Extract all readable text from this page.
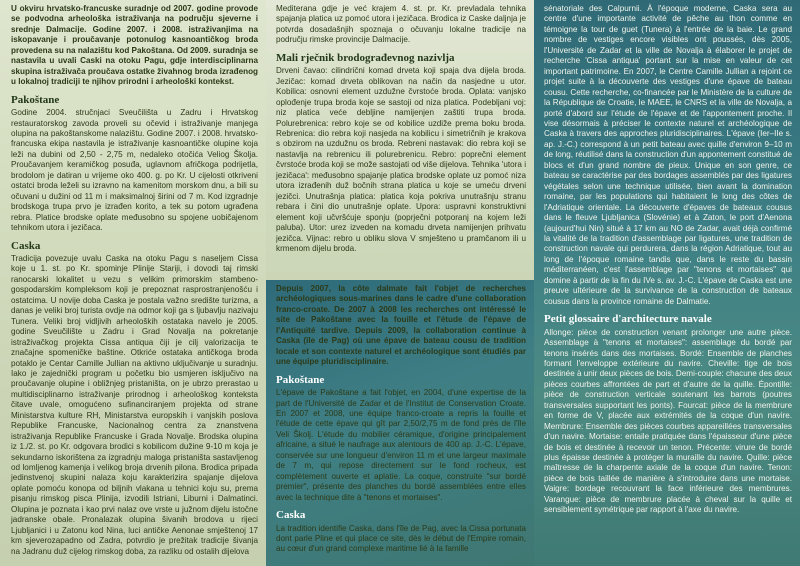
U okviru hrvatsko-francuske suradnje od 2007. godine provode se podvodna arheološka istraživanja na području sjeverne i srednje Dalmacije. Godine 2007. i 2008. istraživanjima na iskopavanje i proučavanje potonulog kasnoantičkog broda provedena su na nalazištu kod Pakoštana. Od 2009. suradnja se nastavila u uvali Caski na otoku Pagu, gdje interdisciplinarna skupina istraživača proučava ostatke živahnog broda izrađenog u lokalnoj tradiciji te njihov prirodni i arheološki kontekst.

Pakoštane

Godine 2004. stručnjaci Sveučilišta u Zadru i Hrvatskog restauratorskog zavoda proveli su očevid i istraživanje manjega olupina na pakoštanskome nalazištu. Godine 2007. i 2008. hrvatsko-francuska ekipa nastavila je istraživanje kasnoantičke olupine koja leži na dubini od 2,50 - 2,75 m, nedaleko otočića Veliog Školja. Proučavanjem keramičkog posuđa, uglavnom afričkoga podrijetla, brodolom je datiran u vrijeme oko 400. g. po Kr. U cijelosti otkriveni ostatci broda leželi su izravno na kamenitom morskom dnu, a bili su očuvani u dužini od 11 m i maksimalnoj širini od 7 m. Kod izgradnje brodskoga trupa prvo je izrađen korito, a tek su potom ugrađena rebra. Platice brodske oplate međusobno su spojene uobičajenom tehnikom utora i jezičaca.

Caska

Tradicija povezuje uvalu Caska na otoku Pagu s naseljem Cissa koje u 1. st. po Kr. spominje Plinije Stariji, i dovodi taj rimski ranocarski lokalitet u vezu s velikim primorskim stambeno-gospodarskim kompleksom koji je prepoznat rasprostranjenošću i ostatcima. U novije doba Caska je postala važno središte turizma, a danas je veliki broj turista ovdje na odmor koji ga s ljubavlju nazivaju Tunera. Veliki broj vidljivih arheoloških ostataka navelo je 2005. godine Sveučilište u Zadru i Grad Novalja na pokretanje istraživačkog projekta Cissa antiqua čiji je cilj valorizacija te značajne spomeničke baštine. Otkriće ostataka antičkoga broda potaklo je Centar Camille Jullian na aktivno uključivanje u suradnju. Iako je zajednički program u početku bio usmjeren isključivo na proučavanje olupine i obližnjeg pristaništa, on je ubrzo prerastao u multidisciplinarno istraživanje prirodnog i arheološkog konteksta čitave uvale, omogućeno sufinanciranjem projekta od strane Ministarstva kulture RH, Ministarstva europskih i vanjskih poslova Republike Francuske, Nacionalnog centra za znanstvena istraživanja Republike Francuske i Grada Novalje. Brodska olupina iz 1./2. st. po Kr. odgovara brodici s kobilicom dužine 9-10 m koja je sekundarno iskorištena za izgradnju maloga pristaništa sastavljenog od lomljenog kamenja i velikog broja drvenih pilona. Brodica pripada jedinstvenoj skupini nalaza koju karakterizira spajanje dijelova oplate pomoću konopa od biljnih vlakana u tehnici koju su, prema pisanju rimskog pisca Plinija, izvodili Istriani, Liburni i Dalmatinci. Olupina je poznata i kao prvi nalaz ove vrste u južnom dijelu istočne jadranske obale. Pronalazak olupina šivanih brodova u rijeci Ljubljanici i u Zatonu kod Nina, luci antičke Aenonae smještenoj 17 km sjeverozapadno od Zadra, potvrdio je prežitak tradicije šivanja na Jadranu duž cijelog rimskog doba, za razliku od ostalih dijelova

Mediterana gdje je već krajem 4. st. pr. Kr. prevladala tehnika spajanja platica uz pomoć utora i jezičaca. Brodica iz Caske daljnja je potvrda dosadašnjih spoznaja o očuvanju lokalne tradicije na području rimske provincije Dalmacije.

Mali rječnik brodograđevnog nazivlja

Drveni čavao: cilindrični komad drveta koji spaja dva dijela broda. Jezičac: komad drveta oblikovan na način da nasjedne u utor. Kobilica: osnovni element uzdužne čvrstoće broda. Oplata: vanjsko oplođenje trupa broda koje se sastoji od niza platica. Podebljani voj: niz platica veće debljine namijenjen zaštiti trupa broda. Polurebrenica: rebro koje se od kobilice uzdiže prema boku broda. Rebrenica: dio rebra koji nasjeda na kobilicu i simetričnih je krakova s obzirom na uzdužnu os broda. Rebreni nastavak: dio rebra koji se nastavlja na rebrenicu ili polurebrenicu. Rebro: poprečni element čvrstoće broda koji se može sastojati od više dijelova. Tehnika 'utora i jezičaca': međusobno spajanje platica brodske oplate uz pomoć niza utora izrađenih duž bočnih strana platica u koje se umeću drveni jezičci. Unutrašnja platica: platica koja pokriva unutrašnju stranu rebara i čini dio unutrašnje oplate. Upora: uspravni konstruktivni element koji učvršćuje sponju (poprječni potporanj na kojem leži paluba). Utor: urez izveden na komadu drveta namijenjen prihvatu jezičca. Vijnac: rebro u obliku slova V smješteno u pramčanom ili u krmenom dijelu broda.

Depuis 2007, la côte dalmate fait l'objet de recherches archéologiques sous-marines dans le cadre d'une collaboration franco-croate. De 2007 à 2008 les recherches ont intéressé le site de Pakoštane avec la fouille et l'étude de l'épave de l'Antiquité tardive. Depuis 2009, la collaboration continue à Caska (île de Pag) où une épave de bateau cousu de tradition locale et son contexte naturel et archéologique sont étudiés par une équipe pluridisciplinaire.

Pakoštane

L'épave de Pakoštane a fait l'objet, en 2004, d'une expertise de la part de l'Université de Zadar et de l'Institut de Conservation Croate. En 2007 et 2008, une équipe franco-croate a repris la fouille et l'étude de cette épave qui gît par 2,50/2,75 m de fond près de l'île Veli Školj. L'étude du mobilier céramique, d'origine principalement africaine, a situé le naufrage aux alentours de 400 ap. J.-C. L'épave, conservée sur une longueur d'environ 11 m et une largeur maximale de 7 m, qui repose directement sur le fond rocheux, est complètement ouverte et aplatie. La coque, construite "sur bordé premier", présente des planches du bordé assemblées entre elles avec la technique dite à "tenons et mortaises".

Caska

La tradition identifie Caska, dans l'île de Pag, avec la Cissa portunata dont parle Pline et qui place ce site, dès le début de l'Empire romain, au cœur d'un grand complexe maritime lié à la famille

sénatoriale des Calpurnii. À l'époque moderne, Caska sera au centre d'une importante activité de pêche au thon comme en témoigne la tour de guet (Tunera) à l'entrée de la baie. Le grand nombre de vestiges encore visibles ont poussés, dès 2005, l'Université de Zadar et la ville de Novalja à élaborer le projet de recherche 'Cissa antiqua' portant sur la mise en valeur de cet important patrimoine. En 2007, le Centre Camille Jullian a rejoint ce projet suite à la découverte des vestiges d'une épave de bateau cousu. Cette recherche, co-financée par le Ministère de la culture de la République de Croatie, le MAEE, le CNRS et la ville de Novalja, a porté d'abord sur l'étude de l'épave et de l'appontement proche. Il vise désormais à préciser le contexte naturel et archéologique de Caska à travers des approches pluridisciplinaires. L'épave (Ier–IIe s. ap. J.-C.) correspond à un petit bateau avec quille d'environ 9–10 m de long, réutilisé dans la construction d'un appontement constitué de blocs et d'un grand nombre de pieux. Unique en son genre, ce bateau se caractérise par des bordages assemblés par des ligatures végétales selon une technique utilisée, bien avant la domination romaine, par les populations qui habitaient le long des côtes de l'Adriatique orientale. La découverte d'épaves de bateaux cousus dans le fleuve Ljubljanica (Slovénie) et à Zaton, le port d'Aenona (aujourd'hui Nin) situé à 17 km au NO de Zadar, avait déjà confirmé la vitalité de la tradition d'assemblage par ligatures, une tradition de construction navale qui perdurera, dans la région Adriatique, tout au long de l'époque romaine tandis que, dans le reste du bassin méditerranéen, c'est l'assemblage par "tenons et mortaises" qui domine à partir de la fin du IVe s. av. J.-C. L'épave de Caska est une preuve ultérieure de la survivance de la construction de bateaux cousus dans la province romaine de Dalmatie.

Petit glossaire d'architecture navale

Allonge: pièce de construction venant prolonger une autre pièce. Assemblage à "tenons et mortaises": assemblage du bordé par tenons insérés dans des mortaises. Bordé: Ensemble de planches formant l'enveloppe extérieure du navire. Cheville: tige de bois destinée à unir deux pièces de bois. Demi-couple: chacune des deux pièces courbes affrontées de part et d'autre de la quille. Épontille: pièce de construction verticale soutenant les barrots (poutres transversales supportant les ponts). Fourcat: pièce de la membrure en forme de V, placée aux extrémités de la coque d'un navire. Membrure: Ensemble des pièces courbes appareillées transversales d'un navire. Mortaise: entaile pratiquée dans l'épaisseur d'une pièce de bois et destinée à recevoir un tenon. Précente: virure de bordé plus épaisse destinée à protéger la muraille du navire. Quille: pièce maîtresse de la charpente axiale de la coque d'un navire. Tenon: pièce de bois taillée de manière à s'introduire dans une mortaise. Vaigre: bordage recouvrant la face inférieure des membrures. Varangue: pièce de membrure placée à cheval sur la quille et sensiblement symétrique par rapport à l'axe du navire.
